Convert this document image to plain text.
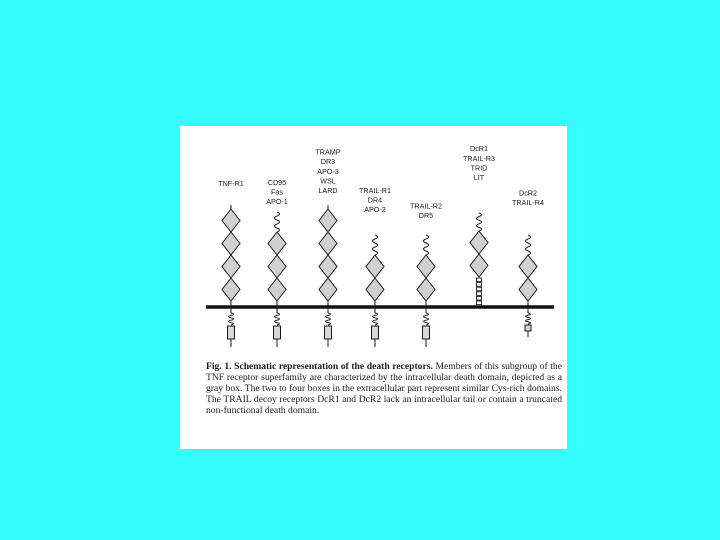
TNF-R1	CD95
Fas
APO-1
TRAMP
DR3
APO-3
WSL
LARD	TRAIL-R1
DR4
APO-2	TRAIL-R2
DR5
DcR1
TRAIL-R3
TRID
LIT
DcR2
TRAIL-R4

Fig. 1. Schematic representation of the death receptors. Members of this subgroup of the TNF receptor superfamily are characterized by the intracellular death domain, depicted as a gray box. The two to four boxes in the extracellular part represent similar Cys-rich domains. The TRAIL decoy receptors DcR1 and DcR2 lack an intracellular tail or contain a truncated non-functional death domain.
